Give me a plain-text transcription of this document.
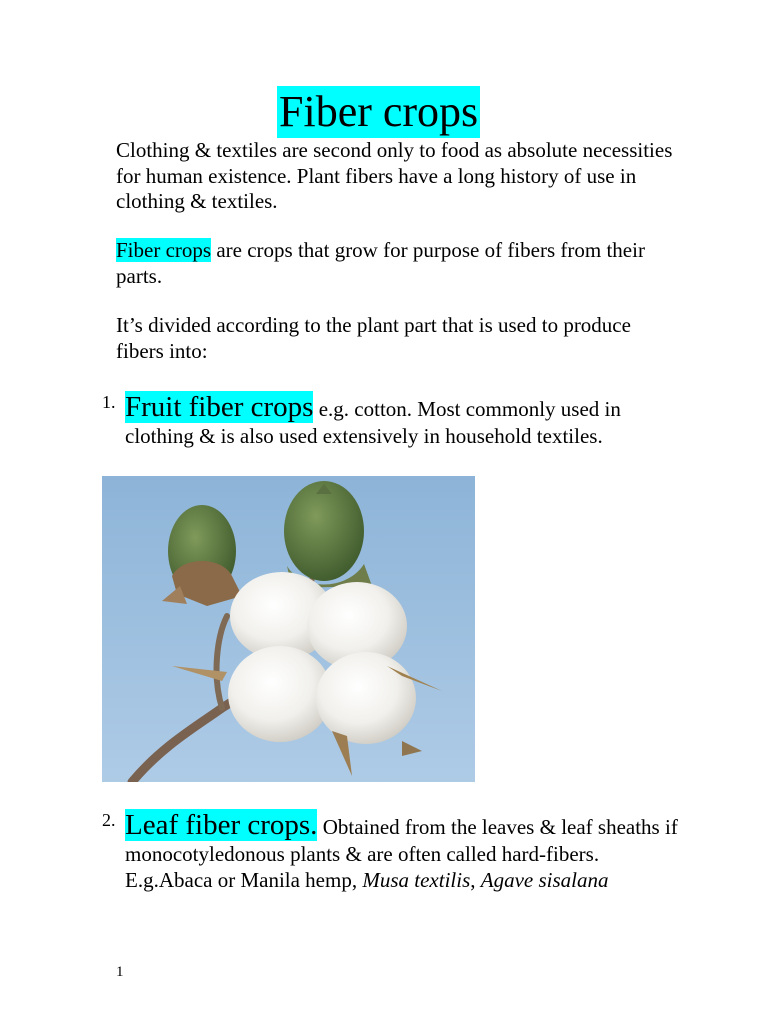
Fiber crops

Clothing & textiles are second only to food as absolute necessities for human existence. Plant fibers have a long history of use in clothing & textiles.

Fiber crops are crops that grow for purpose of fibers from their parts.

It’s divided according to the plant part that is used to produce fibers into:

1. Fruit fiber crops e.g. cotton. Most commonly used in clothing & is also used extensively in household textiles.
2. Leaf fiber crops. Obtained from the leaves & leaf sheaths if monocotyledonous plants & are often called hard-fibers. E.g.Abaca or Manila hemp, Musa textilis, Agave sisalana
1
